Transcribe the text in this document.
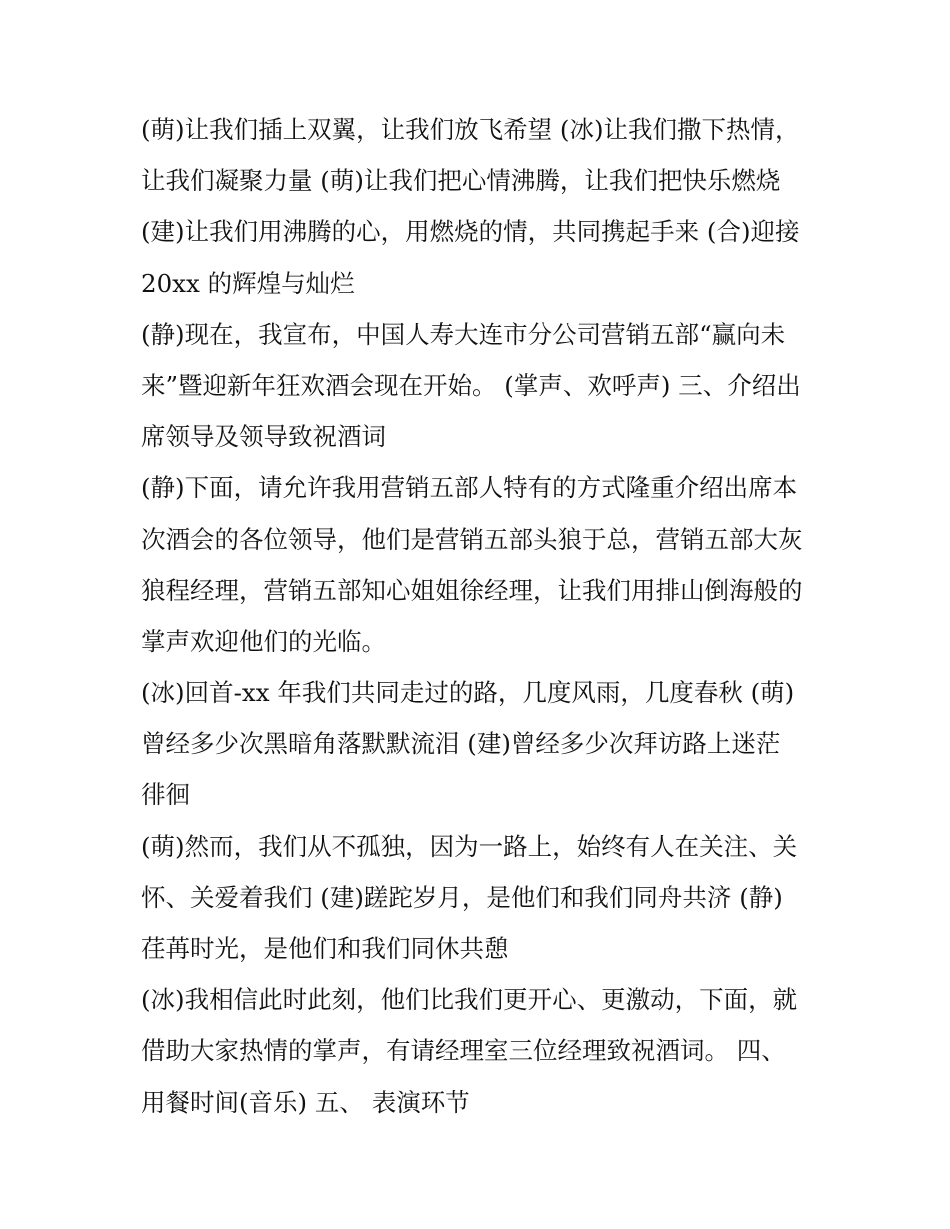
(萌)让我们插上双翼，让我们放飞希望 (冰)让我们撒下热情，
让我们凝聚力量 (萌)让我们把心情沸腾，让我们把快乐燃烧
(建)让我们用沸腾的心，用燃烧的情，共同携起手来 (合)迎接
20xx 的辉煌与灿烂
(静)现在，我宣布，中国人寿大连市分公司营销五部“赢向未
来”暨迎新年狂欢酒会现在开始。 (掌声、欢呼声) 三、介绍出
席领导及领导致祝酒词
(静)下面，请允许我用营销五部人特有的方式隆重介绍出席本
次酒会的各位领导，他们是营销五部头狼于总，营销五部大灰
狼程经理，营销五部知心姐姐徐经理，让我们用排山倒海般的
掌声欢迎他们的光临。
(冰)回首-xx 年我们共同走过的路，几度风雨，几度春秋 (萌)
曾经多少次黑暗角落默默流泪 (建)曾经多少次拜访路上迷茫
徘徊
(萌)然而，我们从不孤独，因为一路上，始终有人在关注、关
怀、关爱着我们 (建)蹉跎岁月，是他们和我们同舟共济 (静)
荏苒时光，是他们和我们同休共憩
(冰)我相信此时此刻，他们比我们更开心、更激动，下面，就
借助大家热情的掌声，有请经理室三位经理致祝酒词。 四、
用餐时间(音乐) 五、 表演环节
